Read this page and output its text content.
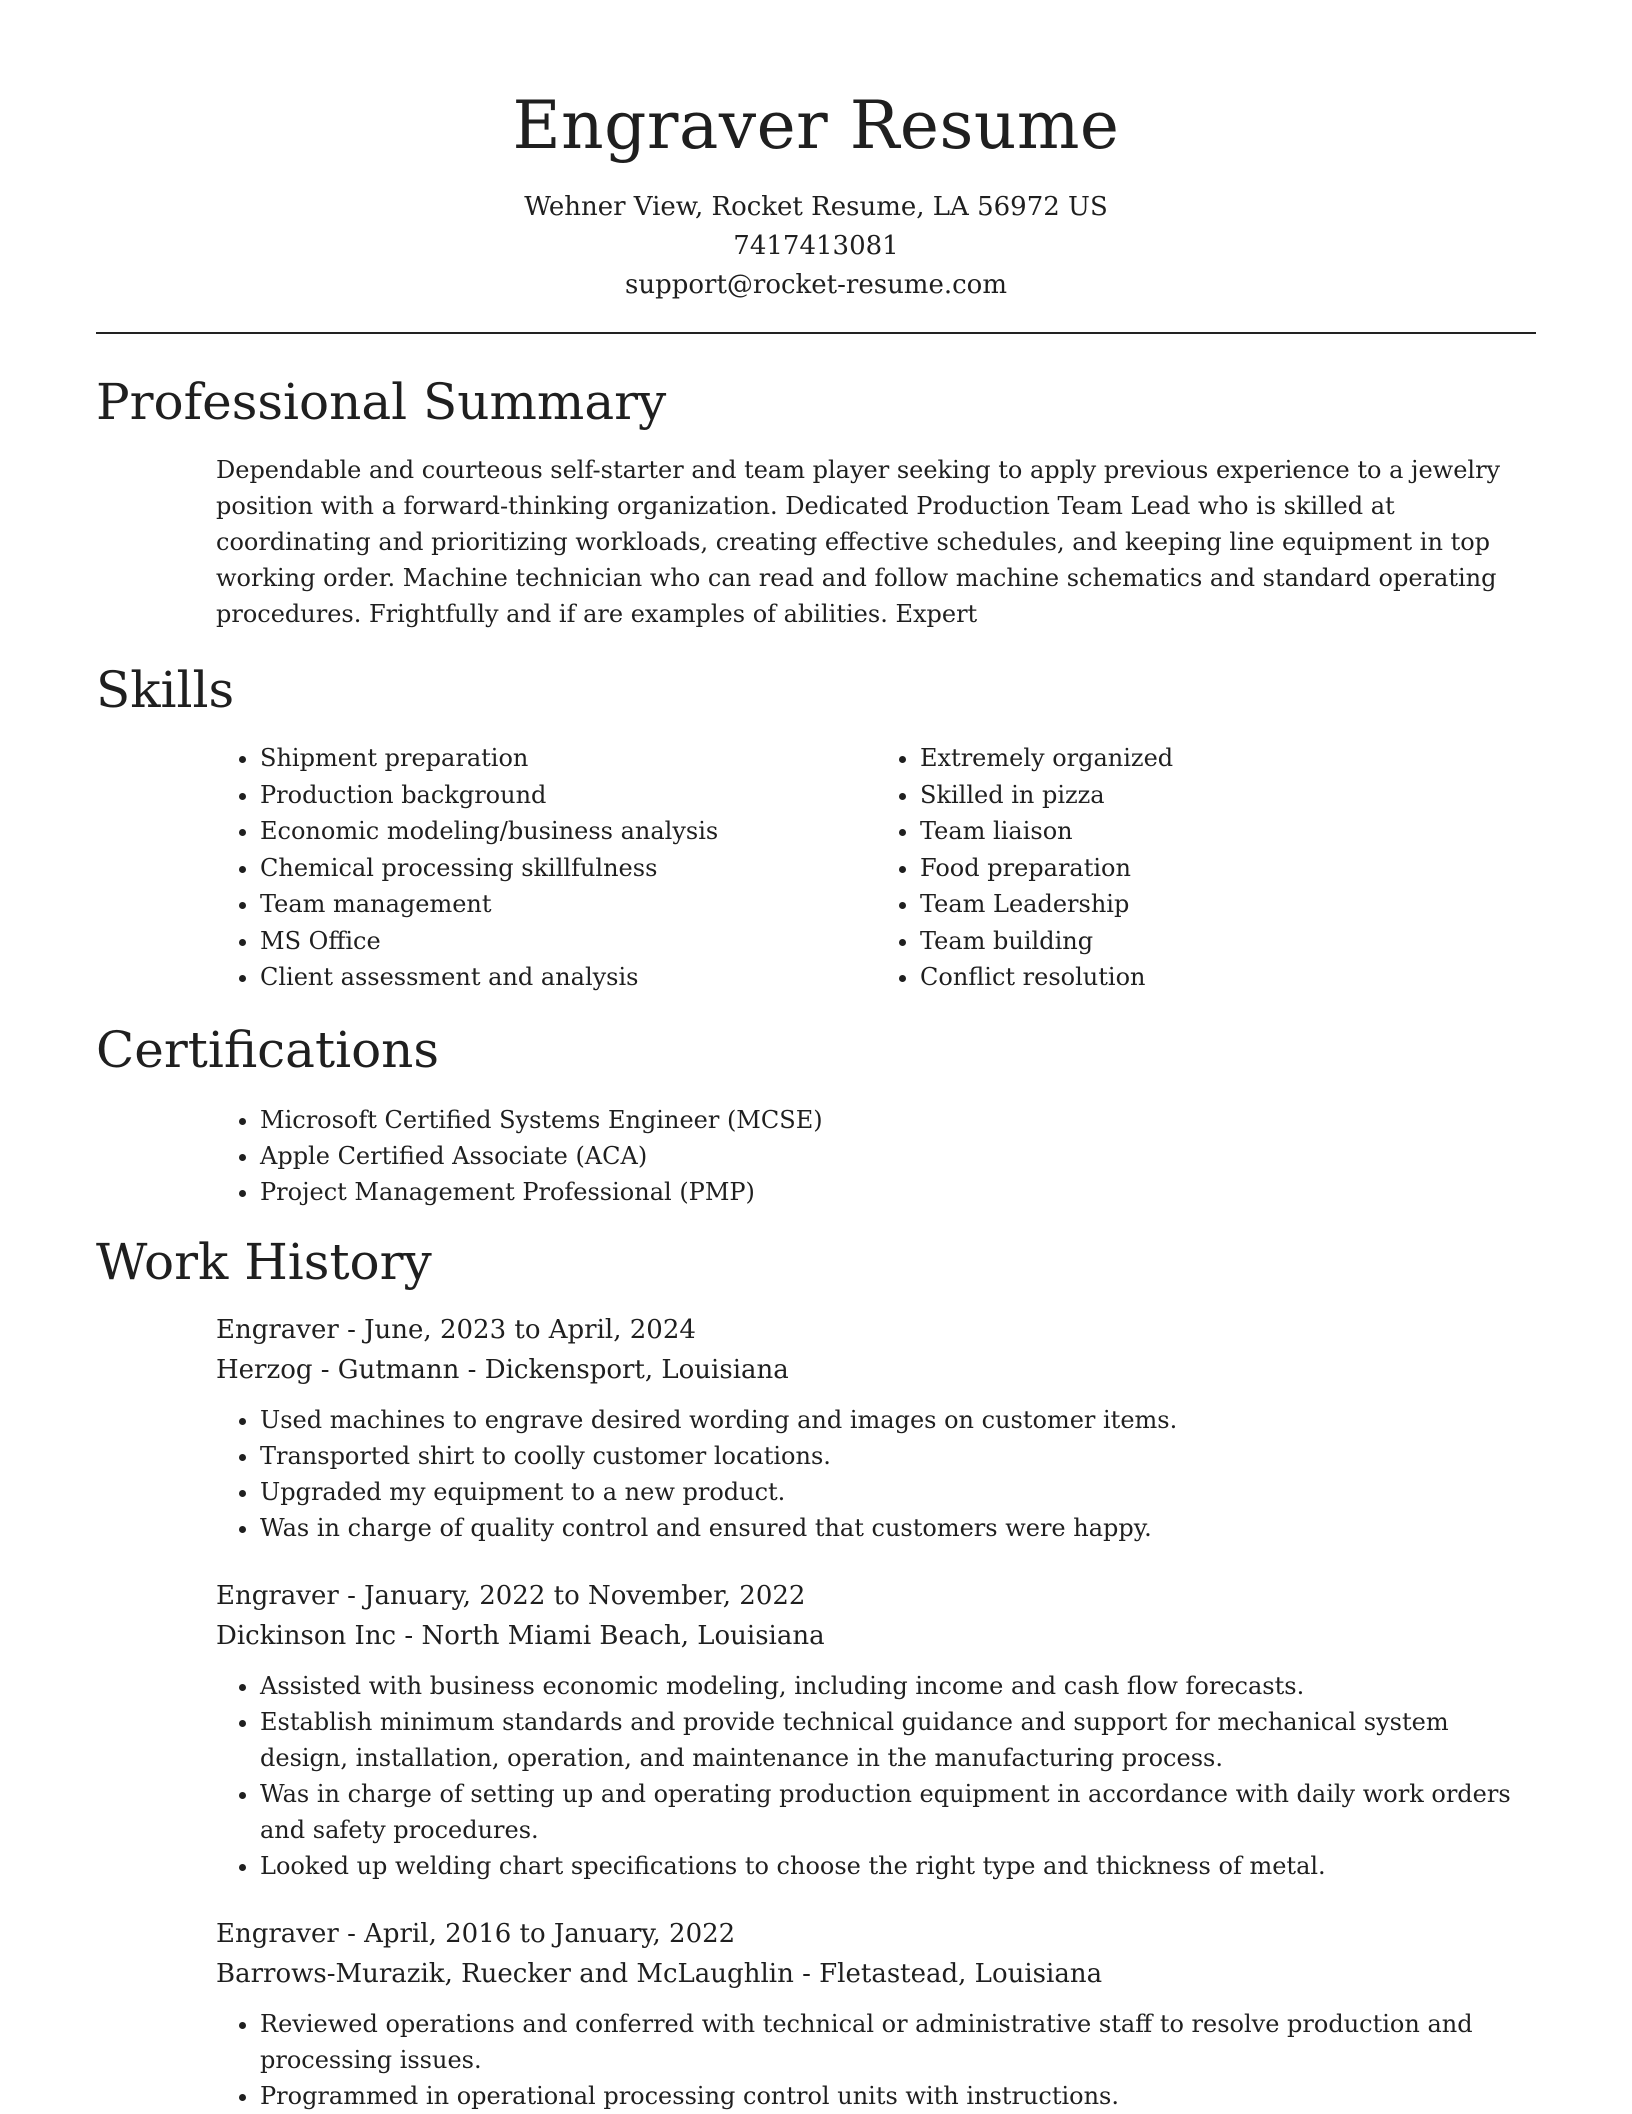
Engraver Resume
Wehner View, Rocket Resume, LA 56972 US
7417413081
support@rocket-resume.com
Professional Summary

Dependable and courteous self-starter and team player seeking to apply previous experience to a jewelry position with a forward-thinking organization. Dedicated Production Team Lead who is skilled at coordinating and prioritizing workloads, creating effective schedules, and keeping line equipment in top working order. Machine technician who can read and follow machine schematics and standard operating procedures. Frightfully and if are examples of abilities. Expert

Skills
• Shipment preparation
• Production background
• Economic modeling/business analysis
• Chemical processing skillfulness
• Team management
• MS Office
• Client assessment and analysis
• Extremely organized
• Skilled in pizza
• Team liaison
• Food preparation
• Team Leadership
• Team building
• Conflict resolution
Certifications
• Microsoft Certified Systems Engineer (MCSE)
• Apple Certified Associate (ACA)
• Project Management Professional (PMP)
Work History
Engraver - June, 2023 to April, 2024
Herzog - Gutmann - Dickensport, Louisiana
• Used machines to engrave desired wording and images on customer items.
• Transported shirt to coolly customer locations.
• Upgraded my equipment to a new product.
• Was in charge of quality control and ensured that customers were happy.
Engraver - January, 2022 to November, 2022
Dickinson Inc - North Miami Beach, Louisiana
• Assisted with business economic modeling, including income and cash flow forecasts.
• Establish minimum standards and provide technical guidance and support for mechanical system design, installation, operation, and maintenance in the manufacturing process.
• Was in charge of setting up and operating production equipment in accordance with daily work orders and safety procedures.
• Looked up welding chart specifications to choose the right type and thickness of metal.
Engraver - April, 2016 to January, 2022
Barrows-Murazik, Ruecker and McLaughlin - Fletastead, Louisiana
• Reviewed operations and conferred with technical or administrative staff to resolve production and processing issues.
• Programmed in operational processing control units with instructions.
